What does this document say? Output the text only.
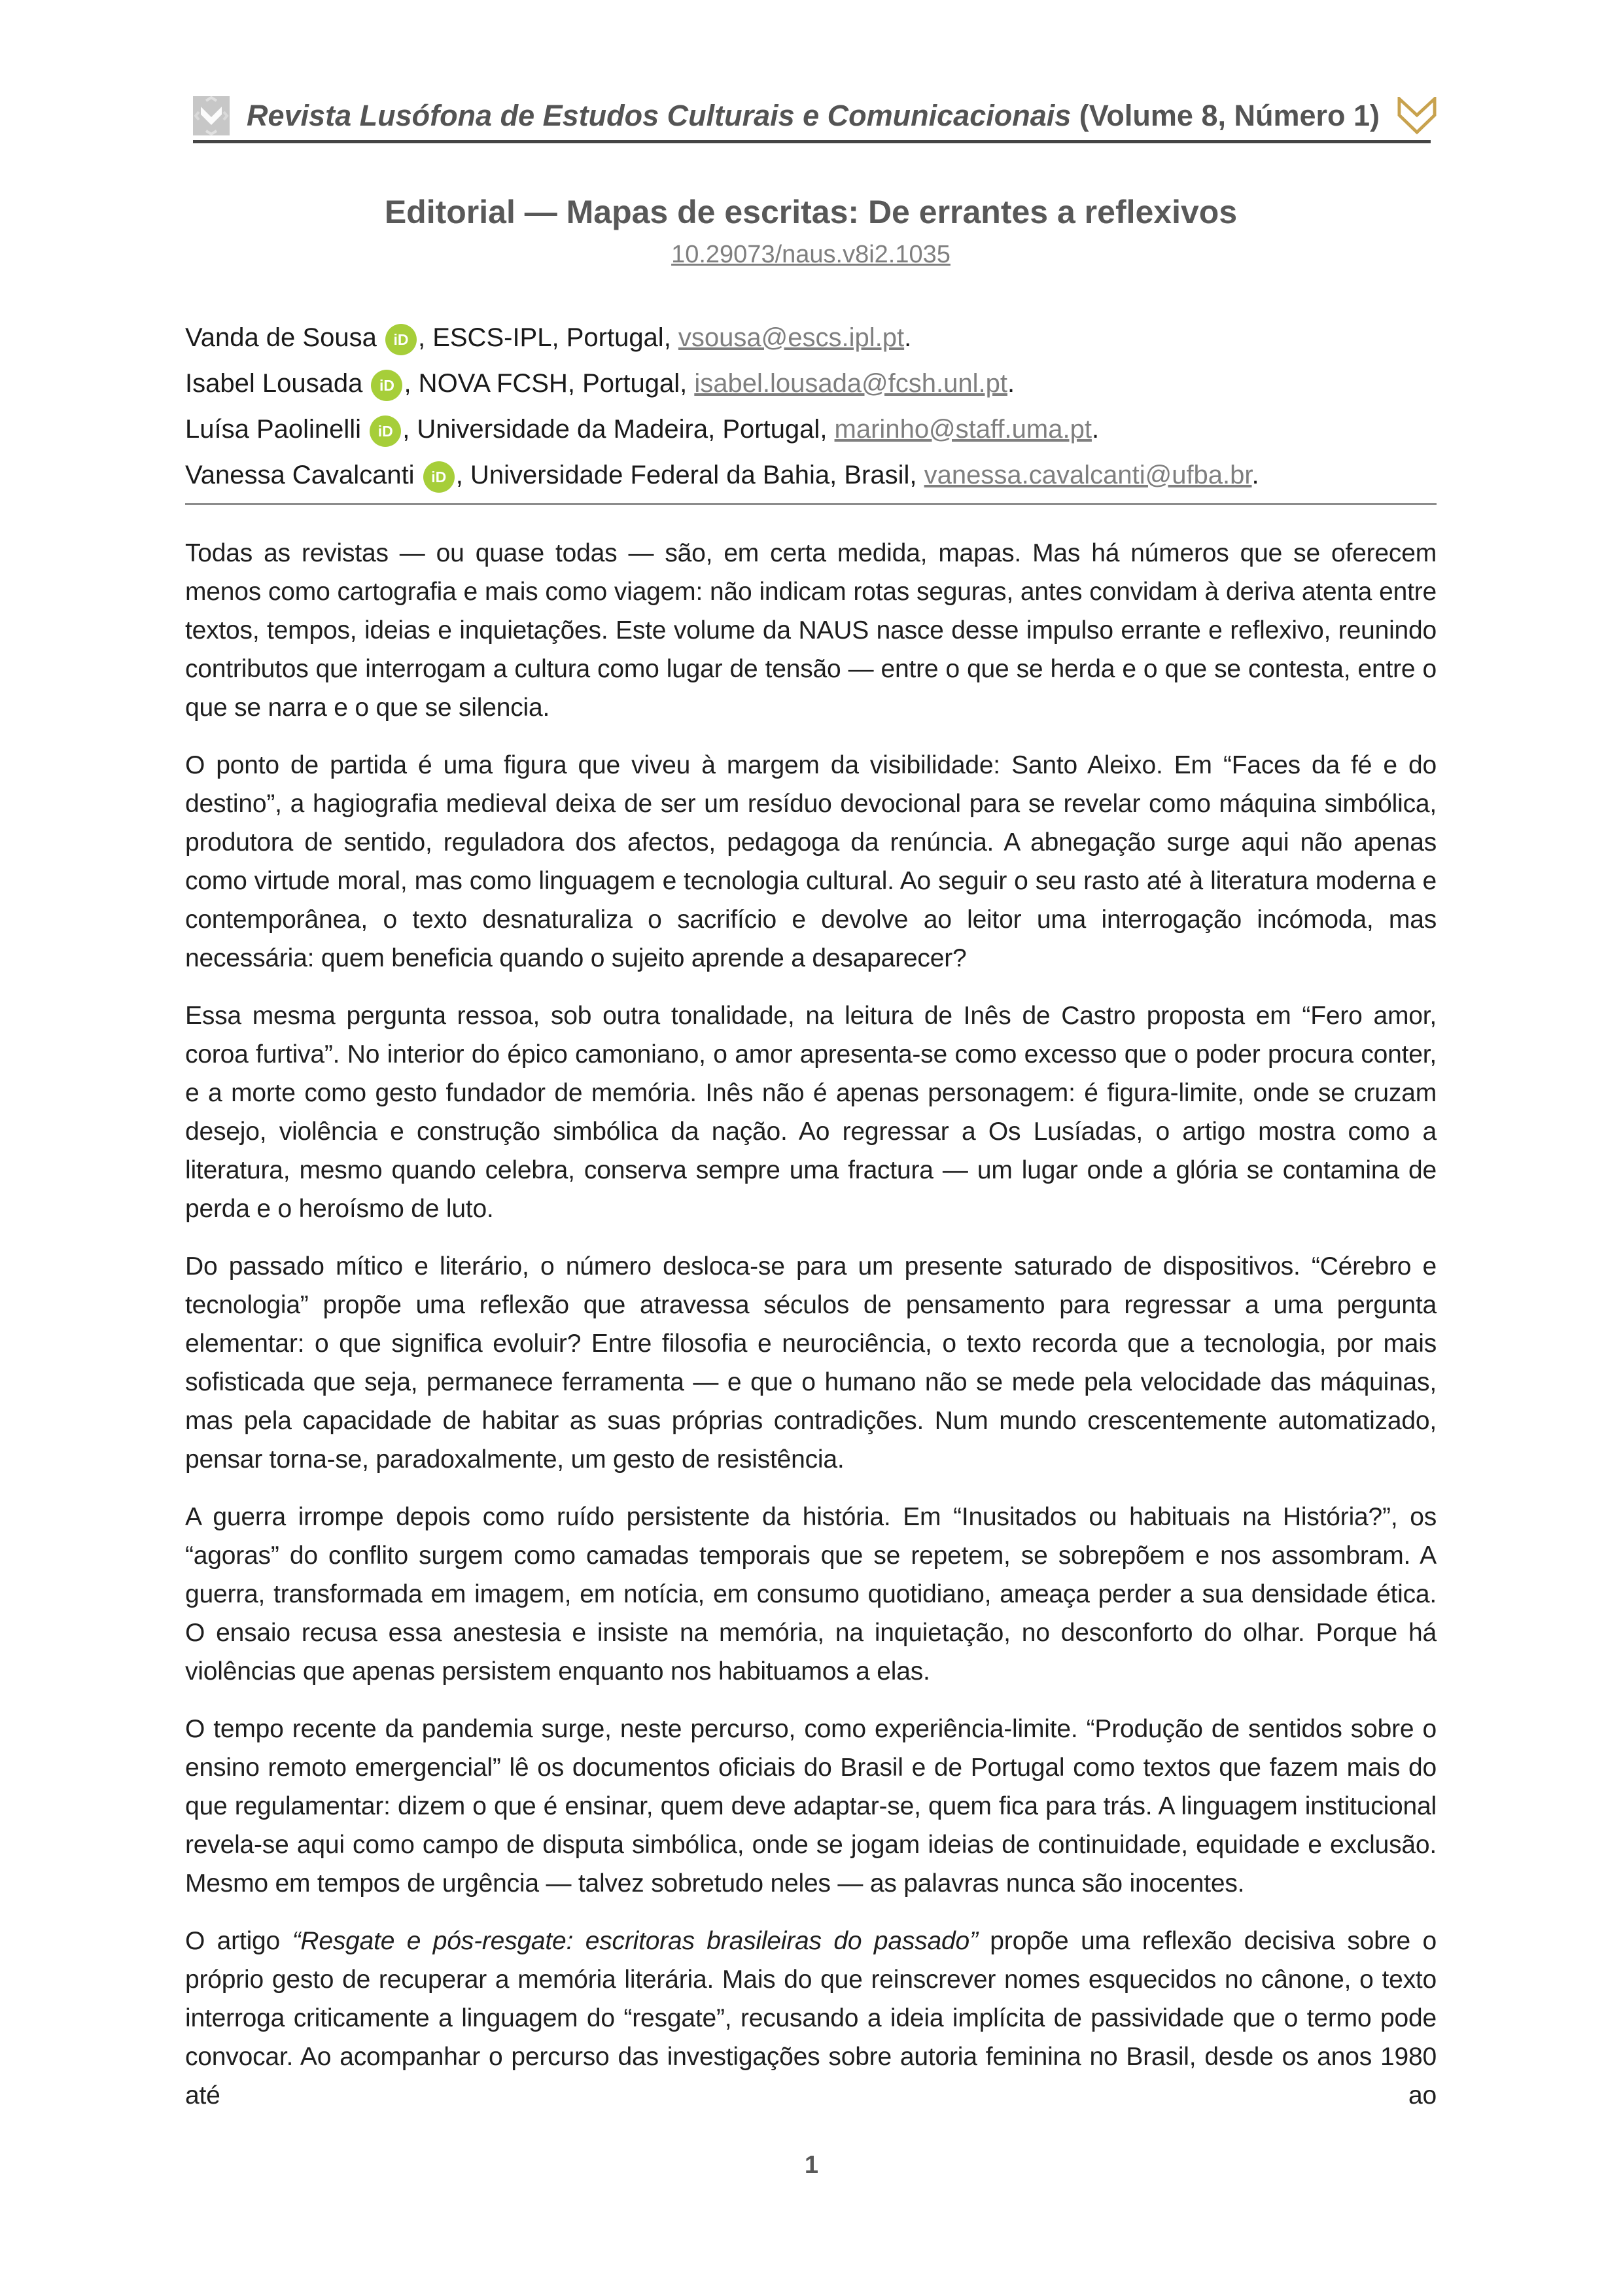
Revista Lusófona de Estudos Culturais e Comunicacionais (Volume 8, Número 1)
Editorial — Mapas de escritas: De errantes a reflexivos
10.29073/naus.v8i2.1035
Vanda de Sousa iD , ESCS-IPL, Portugal, vsousa@escs.ipl.pt.
Isabel Lousada iD , NOVA FCSH, Portugal, isabel.lousada@fcsh.unl.pt.
Luísa Paolinelli iD , Universidade da Madeira, Portugal, marinho@staff.uma.pt.
Vanessa Cavalcanti iD , Universidade Federal da Bahia, Brasil, vanessa.cavalcanti@ufba.br.

Todas as revistas — ou quase todas — são, em certa medida, mapas. Mas há números que se oferecem menos como cartografia e mais como viagem: não indicam rotas seguras, antes convidam à deriva atenta entre textos, tempos, ideias e inquietações. Este volume da NAUS nasce desse impulso errante e reflexivo, reunindo contributos que interrogam a cultura como lugar de tensão — entre o que se herda e o que se contesta, entre o que se narra e o que se silencia.

O ponto de partida é uma figura que viveu à margem da visibilidade: Santo Aleixo. Em “Faces da fé e do destino”, a hagiografia medieval deixa de ser um resíduo devocional para se revelar como máquina simbólica, produtora de sentido, reguladora dos afectos, pedagoga da renúncia. A abnegação surge aqui não apenas como virtude moral, mas como linguagem e tecnologia cultural. Ao seguir o seu rasto até à literatura moderna e contemporânea, o texto desnaturaliza o sacrifício e devolve ao leitor uma interrogação incómoda, mas necessária: quem beneficia quando o sujeito aprende a desaparecer?

Essa mesma pergunta ressoa, sob outra tonalidade, na leitura de Inês de Castro proposta em “Fero amor, coroa furtiva”. No interior do épico camoniano, o amor apresenta-se como excesso que o poder procura conter, e a morte como gesto fundador de memória. Inês não é apenas personagem: é figura-limite, onde se cruzam desejo, violência e construção simbólica da nação. Ao regressar a Os Lusíadas, o artigo mostra como a literatura, mesmo quando celebra, conserva sempre uma fractura — um lugar onde a glória se contamina de perda e o heroísmo de luto.

Do passado mítico e literário, o número desloca-se para um presente saturado de dispositivos. “Cérebro e tecnologia” propõe uma reflexão que atravessa séculos de pensamento para regressar a uma pergunta elementar: o que significa evoluir? Entre filosofia e neurociência, o texto recorda que a tecnologia, por mais sofisticada que seja, permanece ferramenta — e que o humano não se mede pela velocidade das máquinas, mas pela capacidade de habitar as suas próprias contradições. Num mundo crescentemente automatizado, pensar torna-se, paradoxalmente, um gesto de resistência.

A guerra irrompe depois como ruído persistente da história. Em “Inusitados ou habituais na História?”, os “agoras” do conflito surgem como camadas temporais que se repetem, se sobrepõem e nos assombram. A guerra, transformada em imagem, em notícia, em consumo quotidiano, ameaça perder a sua densidade ética. O ensaio recusa essa anestesia e insiste na memória, na inquietação, no desconforto do olhar. Porque há violências que apenas persistem enquanto nos habituamos a elas.

O tempo recente da pandemia surge, neste percurso, como experiência-limite. “Produção de sentidos sobre o ensino remoto emergencial” lê os documentos oficiais do Brasil e de Portugal como textos que fazem mais do que regulamentar: dizem o que é ensinar, quem deve adaptar-se, quem fica para trás. A linguagem institucional revela-se aqui como campo de disputa simbólica, onde se jogam ideias de continuidade, equidade e exclusão. Mesmo em tempos de urgência — talvez sobretudo neles — as palavras nunca são inocentes.

O artigo “Resgate e pós-resgate: escritoras brasileiras do passado” propõe uma reflexão decisiva sobre o próprio gesto de recuperar a memória literária. Mais do que reinscrever nomes esquecidos no cânone, o texto interroga criticamente a linguagem do “resgate”, recusando a ideia implícita de passividade que o termo pode convocar. Ao acompanhar o percurso das investigações sobre autoria feminina no Brasil, desde os anos 1980 até ao

1
